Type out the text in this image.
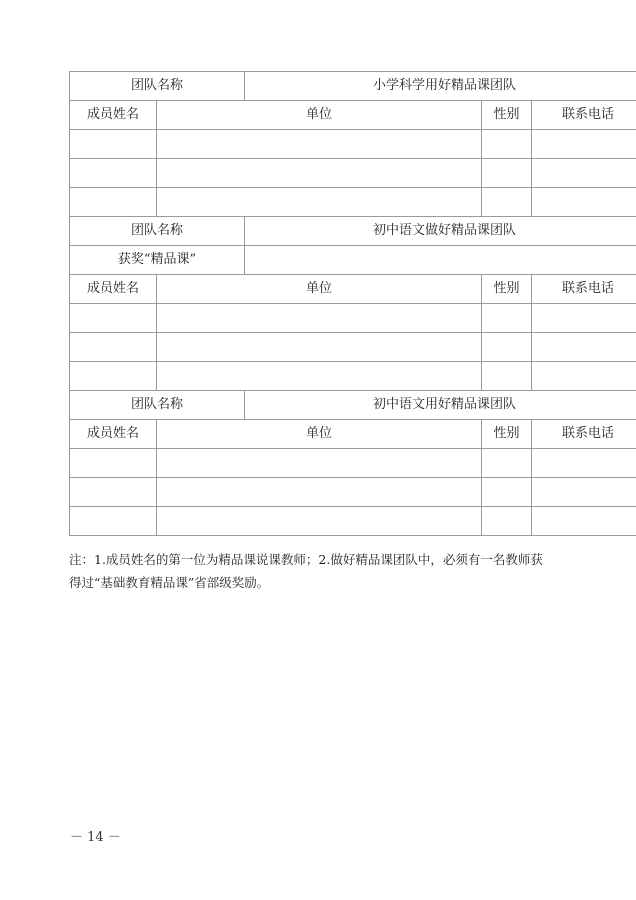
团队名称		小学科学用好精品课团队		
成员姓名	单位		性别	联系电话

团队名称		初中语文做好精品课团队		
获奖“精品课”				
成员姓名	单位		性别	联系电话

团队名称		初中语文用好精品课团队		
成员姓名	单位		性别	联系电话

注：1.成员姓名的第一位为精品课说课教师；2.做好精品课团队中，必须有一名教师获
得过“基础教育精品课”省部级奖励。
－ 14 －
